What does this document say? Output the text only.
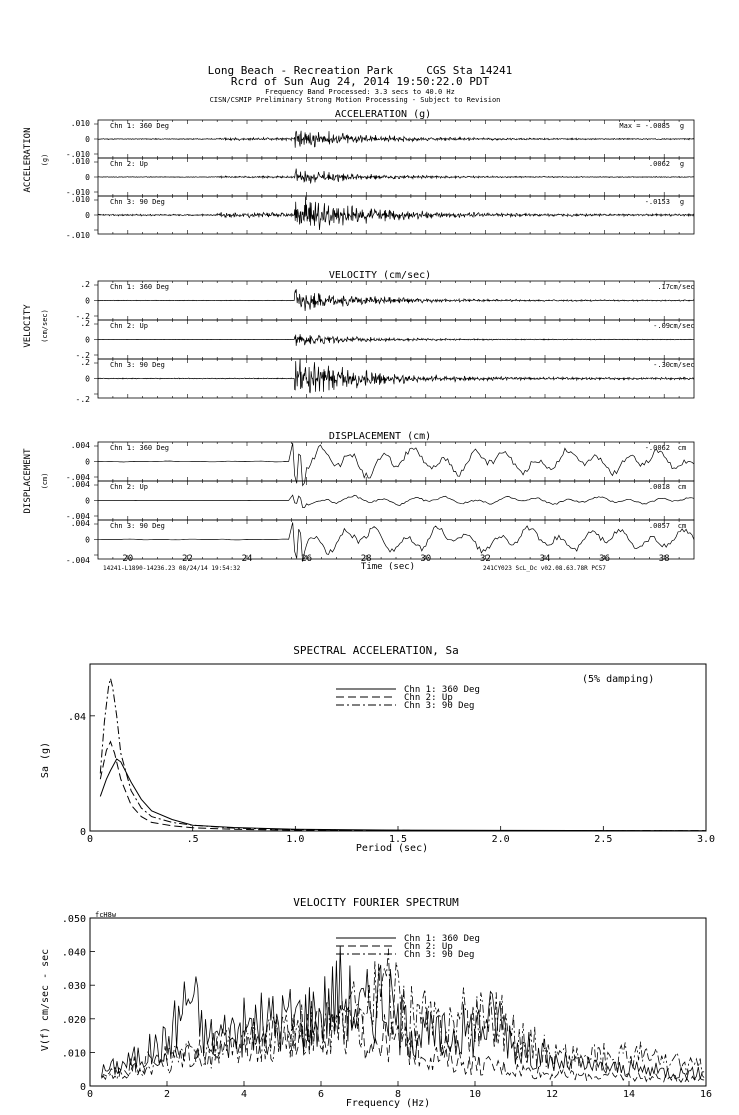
Long Beach - Recreation Park     CGS Sta 14241
Rcrd of Sun Aug 24, 2014 19:50:22.0 PDT
Frequency Band Processed: 3.3 secs to 40.0 Hz
CISN/CSMIP Preliminary Strong Motion Processing - Subject to Revision
ACCELERATION (g)
VELOCITY (cm/sec)
DISPLACEMENT (cm)
ACCELERATION (g)
VELOCITY (cm/sec)
DISPLACEMENT (cm)
.010
0
-.010
Chn 1: 360 Deg	Max = -.0085 g
.010
0
-.010
Chn 2: Up	.0062 g
.010
0
-.010
Chn 3: 90 Deg	-.0153 g
.2
0
-.2
Chn 1: 360 Deg	.17 cm/sec
.2
0
-.2
Chn 2: Up	-.09 cm/sec
.2
0
-.2
Chn 3: 90 Deg	-.30 cm/sec
.004
0
-.004
Chn 1: 360 Deg	-.0062 cm
.004
0
-.004
Chn 2: Up	.0018 cm
.004
0
-.004
Chn 3: 90 Deg	.0057 cm
20	22	24	26	28	30	32	34	36	38
Time (sec)
14241-L1890-14236.23 08/24/14 19:54:32	241CY023 ScL_Dc v02.08.63.78R PC57
SPECTRAL ACCELERATION, Sa
(5% damping)
Sa (g)
Period (sec)
0	.5	1.0	1.5	2.0	2.5	3.0
0
.04
Chn 1: 360 Deg
Chn 2: Up
Chn 3: 90 Deg
VELOCITY FOURIER SPECTRUM
fcH8w
V(f) cm/sec - sec
Frequency (Hz)
0	2	4	6	8	10	12	14	16
0
.010
.020
.030
.040
.050
Chn 1: 360 Deg
Chn 2: Up
Chn 3: 90 Deg
